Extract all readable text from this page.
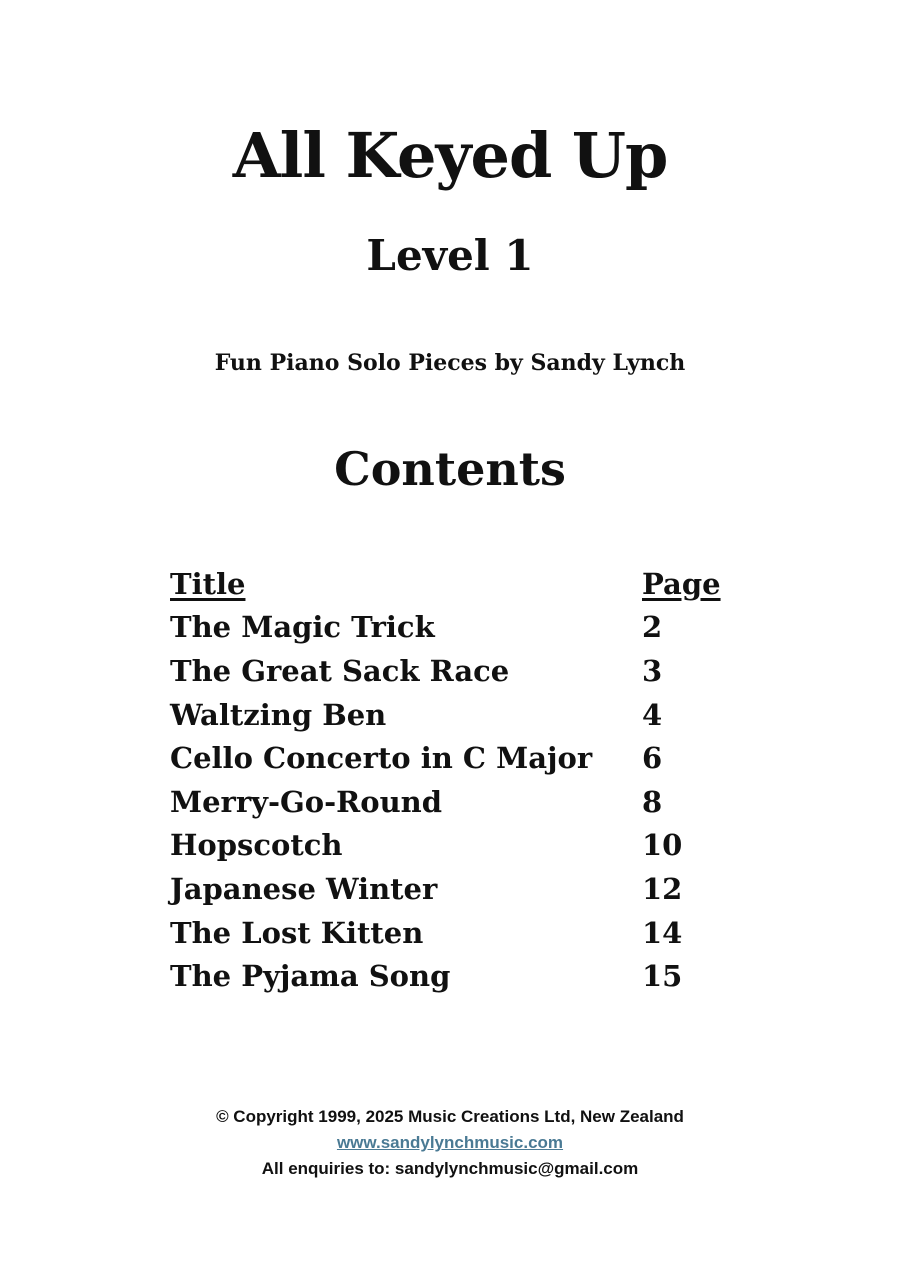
All Keyed Up
Level 1

Fun Piano Solo Pieces by Sandy Lynch

Contents
Title	Page
The Magic Trick	2
The Great Sack Race	3
Waltzing Ben	4
Cello Concerto in C Major	6
Merry-Go-Round	8
Hopscotch	10
Japanese Winter	12
The Lost Kitten	14
The Pyjama Song	15
© Copyright 1999, 2025 Music Creations Ltd, New Zealand
www.sandylynchmusic.com
All enquiries to: sandylynchmusic@gmail.com
